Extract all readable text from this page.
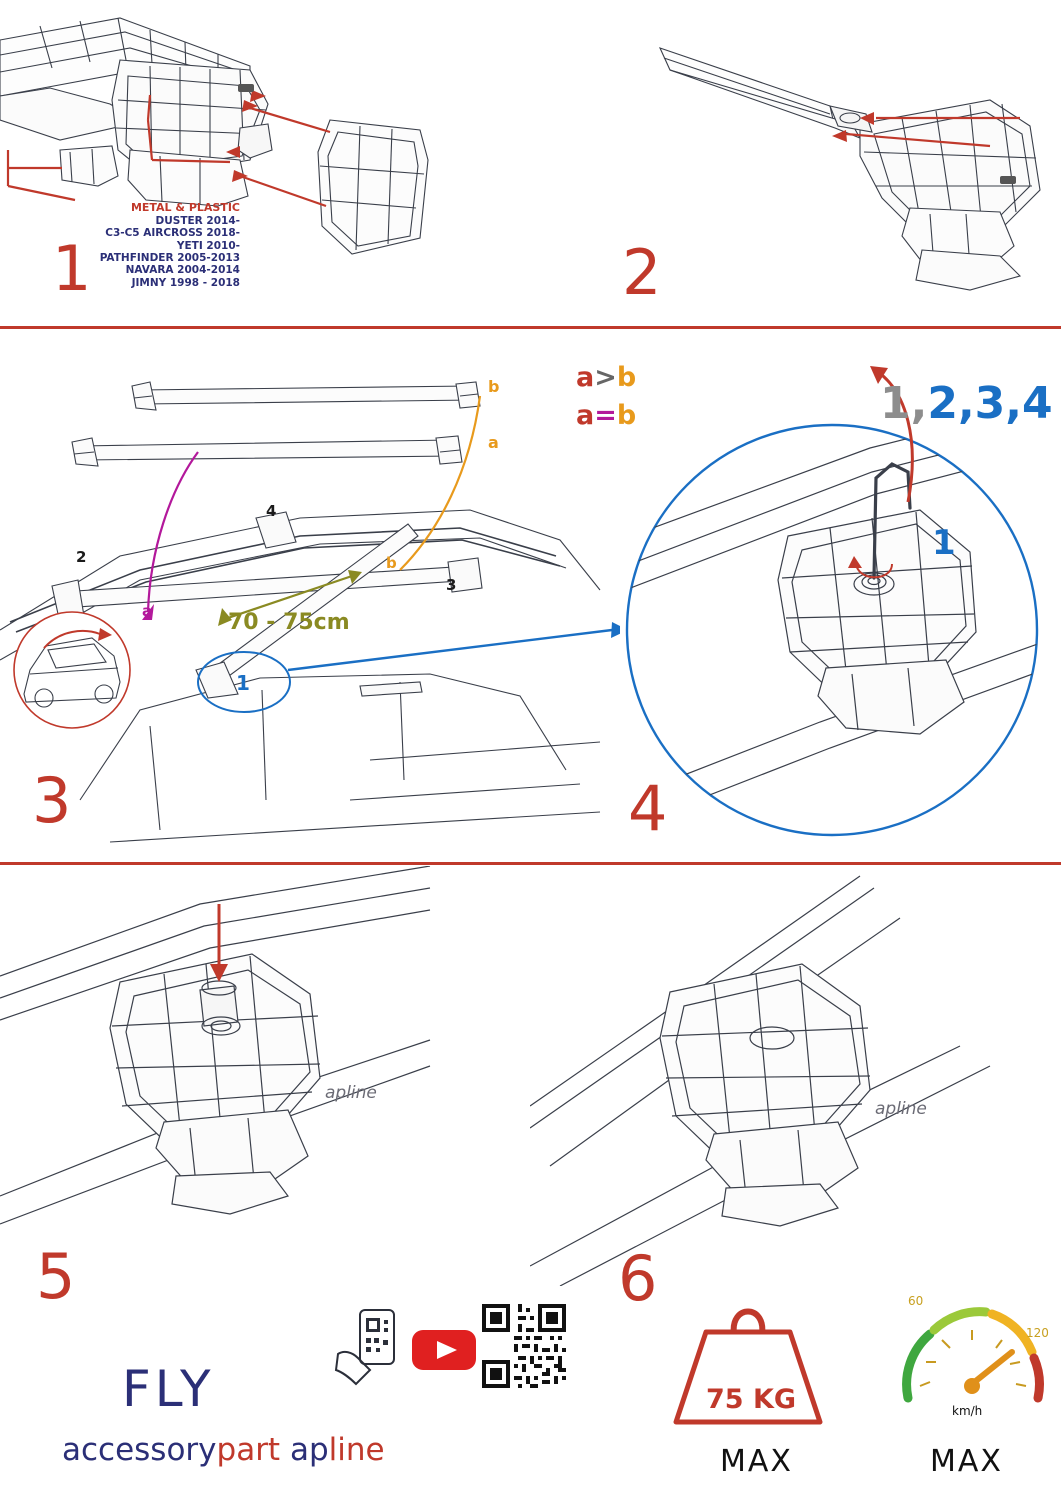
METAL & PLASTIC
DUSTER 2014-
C3-C5 AIRCROSS 2018-
YETI 2010-
PATHFINDER 2005-2013
NAVARA 2004-2014
JIMNY 1998 - 2018
1	2
b
a
b
a
2
3
4
1
70 - 75cm
3
a>b
a=b
1
1,2,3,4
4
apline
5
FLY
accessorypart apline
apline
6
75 KG
MAX
60
120
km/h
MAX
